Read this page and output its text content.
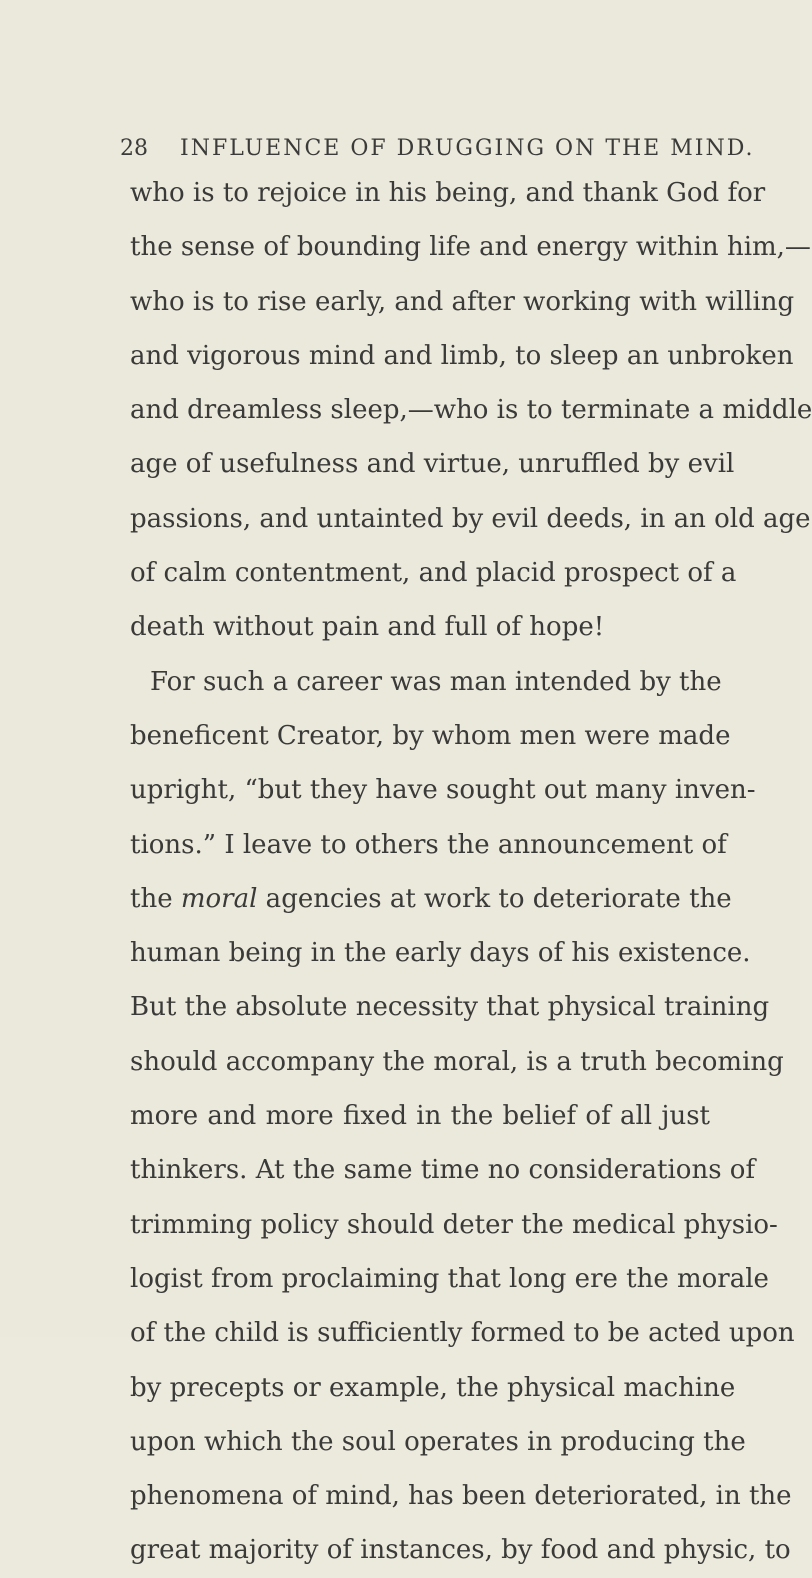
28 INFLUENCE OF DRUGGING ON THE MIND.
who is to rejoice in his being, and thank God for
the sense of bounding life and energy within him,—
who is to rise early, and after working with willing
and vigorous mind and limb, to sleep an unbroken
and dreamless sleep,—who is to terminate a middle
age of usefulness and virtue, unruffled by evil
passions, and untainted by evil deeds, in an old age
of calm contentment, and placid prospect of a
death without pain and full of hope!
For such a career was man intended by the
beneficent Creator, by whom men were made
upright, “but they have sought out many inven-
tions.” I leave to others the announcement of
the moral agencies at work to deteriorate the
human being in the early days of his existence.
But the absolute necessity that physical training
should accompany the moral, is a truth becoming
more and more fixed in the belief of all just
thinkers. At the same time no considerations of
trimming policy should deter the medical physio-
logist from proclaiming that long ere the morale
of the child is sufficiently formed to be acted upon
by precepts or example, the physical machine
upon which the soul operates in producing the
phenomena of mind, has been deteriorated, in the
great majority of instances, by food and physic, to
